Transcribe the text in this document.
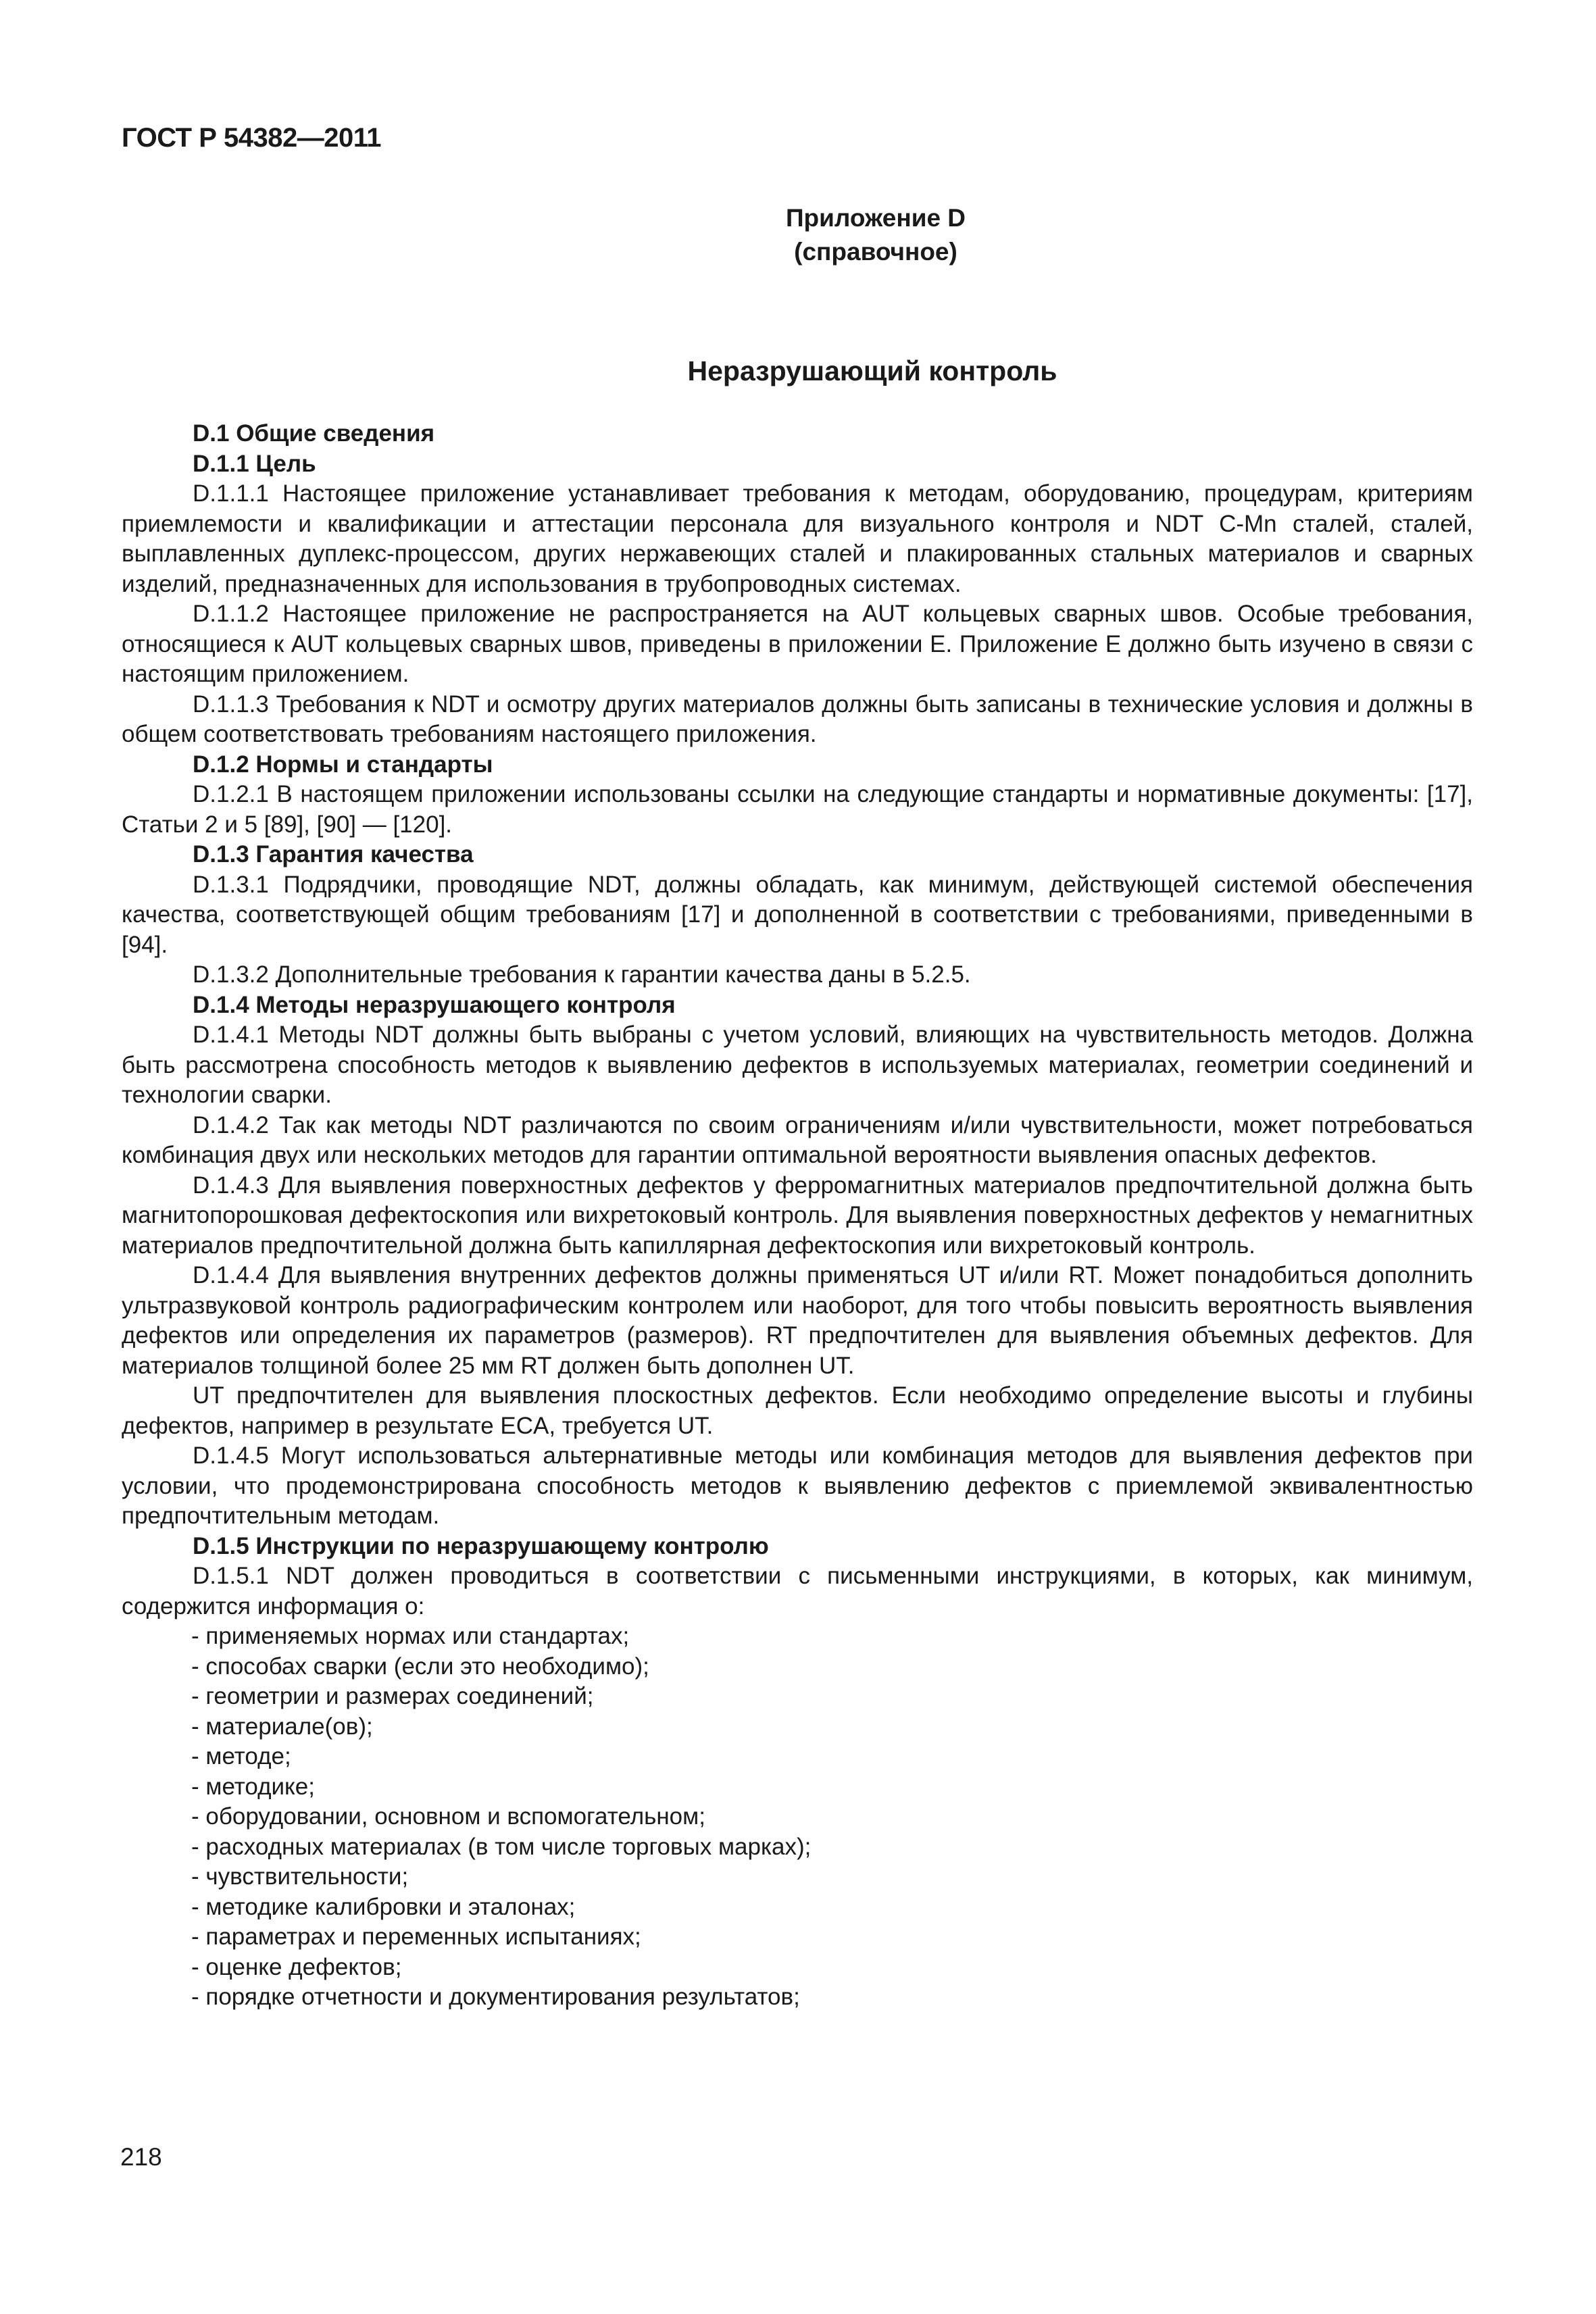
ГОСТ Р 54382—2011
Приложение D
(справочное)
Неразрушающий контроль
D.1 Общие сведения
D.1.1 Цель
D.1.1.1 Настоящее приложение устанавливает требования к методам, оборудованию, процедурам, критериям приемлемости и квалификации и аттестации персонала для визуального контроля и NDT C-Mn сталей, сталей, выплавленных дуплекс-процессом, других нержавеющих сталей и плакированных стальных материалов и сварных изделий, предназначенных для использования в трубопроводных системах.
D.1.1.2 Настоящее приложение не распространяется на AUT кольцевых сварных швов. Особые требования, относящиеся к AUT кольцевых сварных швов, приведены в приложении E. Приложение E должно быть изучено в связи с настоящим приложением.
D.1.1.3 Требования к NDT и осмотру других материалов должны быть записаны в технические условия и должны в общем соответствовать требованиям настоящего приложения.
D.1.2 Нормы и стандарты
D.1.2.1 В настоящем приложении использованы ссылки на следующие стандарты и нормативные документы: [17], Статьи 2 и 5 [89], [90] — [120].
D.1.3 Гарантия качества
D.1.3.1 Подрядчики, проводящие NDT, должны обладать, как минимум, действующей системой обеспечения качества, соответствующей общим требованиям [17] и дополненной в соответствии с требованиями, приведенными в [94].
D.1.3.2 Дополнительные требования к гарантии качества даны в 5.2.5.
D.1.4 Методы неразрушающего контроля
D.1.4.1 Методы NDT должны быть выбраны с учетом условий, влияющих на чувствительность методов. Должна быть рассмотрена способность методов к выявлению дефектов в используемых материалах, геометрии соединений и технологии сварки.
D.1.4.2 Так как методы NDT различаются по своим ограничениям и/или чувствительности, может потребоваться комбинация двух или нескольких методов для гарантии оптимальной вероятности выявления опасных дефектов.
D.1.4.3 Для выявления поверхностных дефектов у ферромагнитных материалов предпочтительной должна быть магнитопорошковая дефектоскопия или вихретоковый контроль. Для выявления поверхностных дефектов у немагнитных материалов предпочтительной должна быть капиллярная дефектоскопия или вихретоковый контроль.
D.1.4.4 Для выявления внутренних дефектов должны применяться UT и/или RT. Может понадобиться дополнить ультразвуковой контроль радиографическим контролем или наоборот, для того чтобы повысить вероятность выявления дефектов или определения их параметров (размеров). RT предпочтителен для выявления объемных дефектов. Для материалов толщиной более 25 мм RT должен быть дополнен UT.
UT предпочтителен для выявления плоскостных дефектов. Если необходимо определение высоты и глубины дефектов, например в результате ECA, требуется UT.
D.1.4.5 Могут использоваться альтернативные методы или комбинация методов для выявления дефектов при условии, что продемонстрирована способность методов к выявлению дефектов с приемлемой эквивалентностью предпочтительным методам.
D.1.5 Инструкции по неразрушающему контролю
D.1.5.1 NDT должен проводиться в соответствии с письменными инструкциями, в которых, как минимум, содержится информация о:
- применяемых нормах или стандартах;
- способах сварки (если это необходимо);
- геометрии и размерах соединений;
- материале(ов);
- методе;
- методике;
- оборудовании, основном и вспомогательном;
- расходных материалах (в том числе торговых марках);
- чувствительности;
- методике калибровки и эталонах;
- параметрах и переменных испытаниях;
- оценке дефектов;
- порядке отчетности и документирования результатов;
218
